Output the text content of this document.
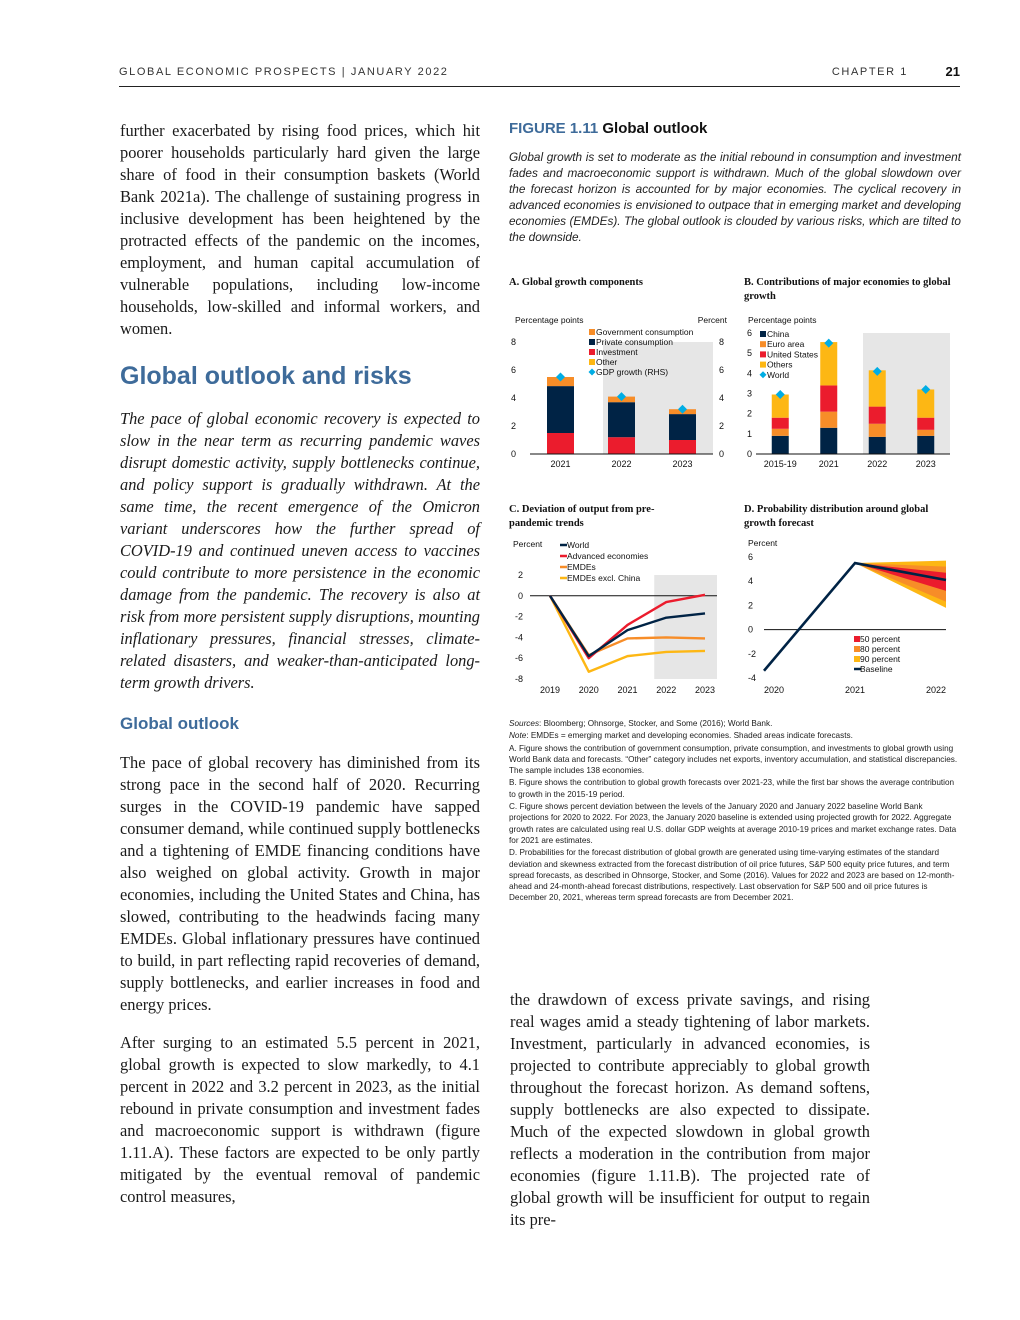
GLOBAL ECONOMIC PROSPECTS | JANUARY 2022	CHAPTER 1	21

further exacerbated by rising food prices, which hit poorer households particularly hard given the large share of food in their consumption baskets (World Bank 2021a). The challenge of sustaining progress in inclusive development has been heightened by the protracted effects of the pandemic on the incomes, employment, and human capital accumulation of vulnerable populations, including low-income households, low-skilled and informal workers, and women.

Global outlook and risks

The pace of global economic recovery is expected to slow in the near term as recurring pandemic waves disrupt domestic activity, supply bottlenecks continue, and policy support is gradually withdrawn. At the same time, the recent emergence of the Omicron variant underscores how the further spread of COVID-19 and continued uneven access to vaccines could contribute to more persistence in the economic damage from the pandemic. The recovery is also at risk from more persistent supply disruptions, mounting inflationary pressures, financial stresses, climate-related disasters, and weaker-than-anticipated long-term growth drivers.

Global outlook

The pace of global recovery has diminished from its strong pace in the second half of 2020. Recurring surges in the COVID-19 pandemic have sapped consumer demand, while continued supply bottlenecks and a tightening of EMDE financing conditions have also weighed on global activity. Growth in major economies, including the United States and China, has slowed, contributing to the headwinds facing many EMDEs. Global inflationary pressures have continued to build, in part reflecting rapid recoveries of demand, supply bottlenecks, and earlier increases in food and energy prices.

After surging to an estimated 5.5 percent in 2021, global growth is expected to slow markedly, to 4.1 percent in 2022 and 3.2 percent in 2023, as the initial rebound in private consumption and investment fades and macroeconomic support is withdrawn (figure 1.11.A). These factors are expected to be only partly mitigated by the eventual removal of pandemic control measures,

FIGURE 1.11 Global outlook
Global growth is set to moderate as the initial rebound in consumption and investment fades and macroeconomic support is withdrawn. Much of the global slowdown over the forecast horizon is accounted for by major economies. The cyclical recovery in advanced economies is envisioned to outpace that in emerging market and developing economies (EMDEs). The global outlook is clouded by various risks, which are tilted to the downside.
A. Global growth components	B. Contributions of major economies to global growth
C. Deviation of output from pre-pandemic trends
D. Probability distribution around global growth forecast
0	0
2	2
4	4
6	6
8	8
Percentage points	Percent
2021	2022	2023
Government consumption
Private consumption
Investment
Other
GDP growth (RHS)
0
1
2
3
4
5
6
Percentage points
2015-19 2021	2022	2023
China
Euro area
United States
Others
World
-8
-6
-4
-2
0
2
Percent
2019 2020 2021 2022 2023
World
Advanced economies
EMDEs
EMDEs excl. China
-4
-2
0
2
4
6
Percent
2020	2021	2022
50 percent
80 percent
90 percent
Baseline

Sources: Bloomberg; Ohnsorge, Stocker, and Some (2016); World Bank.

Note: EMDEs = emerging market and developing economies. Shaded areas indicate forecasts.

A. Figure shows the contribution of government consumption, private consumption, and investments to global growth using World Bank data and forecasts. “Other” category includes net exports, inventory accumulation, and statistical discrepancies. The sample includes 138 economies.

B. Figure shows the contribution to global growth forecasts over 2021-23, while the first bar shows the average contribution to growth in the 2015-19 period.

C. Figure shows percent deviation between the levels of the January 2020 and January 2022 baseline World Bank projections for 2020 to 2022. For 2023, the January 2020 baseline is extended using projected growth for 2022. Aggregate growth rates are calculated using real U.S. dollar GDP weights at average 2010-19 prices and market exchange rates. Data for 2021 are estimates.

D. Probabilities for the forecast distribution of global growth are generated using time-varying estimates of the standard deviation and skewness extracted from the forecast distribution of oil price futures, S&P 500 equity price futures, and term spread forecasts, as described in Ohnsorge, Stocker, and Some (2016). Values for 2022 and 2023 are based on 12-month-ahead and 24-month-ahead forecast distributions, respectively. Last observation for S&P 500 and oil price futures is December 20, 2021, whereas term spread forecasts are from December 2021.

the drawdown of excess private savings, and rising real wages amid a steady tightening of labor markets. Investment, particularly in advanced economies, is projected to contribute appreciably to global growth throughout the forecast horizon. As demand softens, supply bottlenecks are also expected to dissipate. Much of the expected slowdown in global growth reflects a moderation in the contribution from major economies (figure 1.11.B). The projected rate of global growth will be insufficient for output to regain its pre-
